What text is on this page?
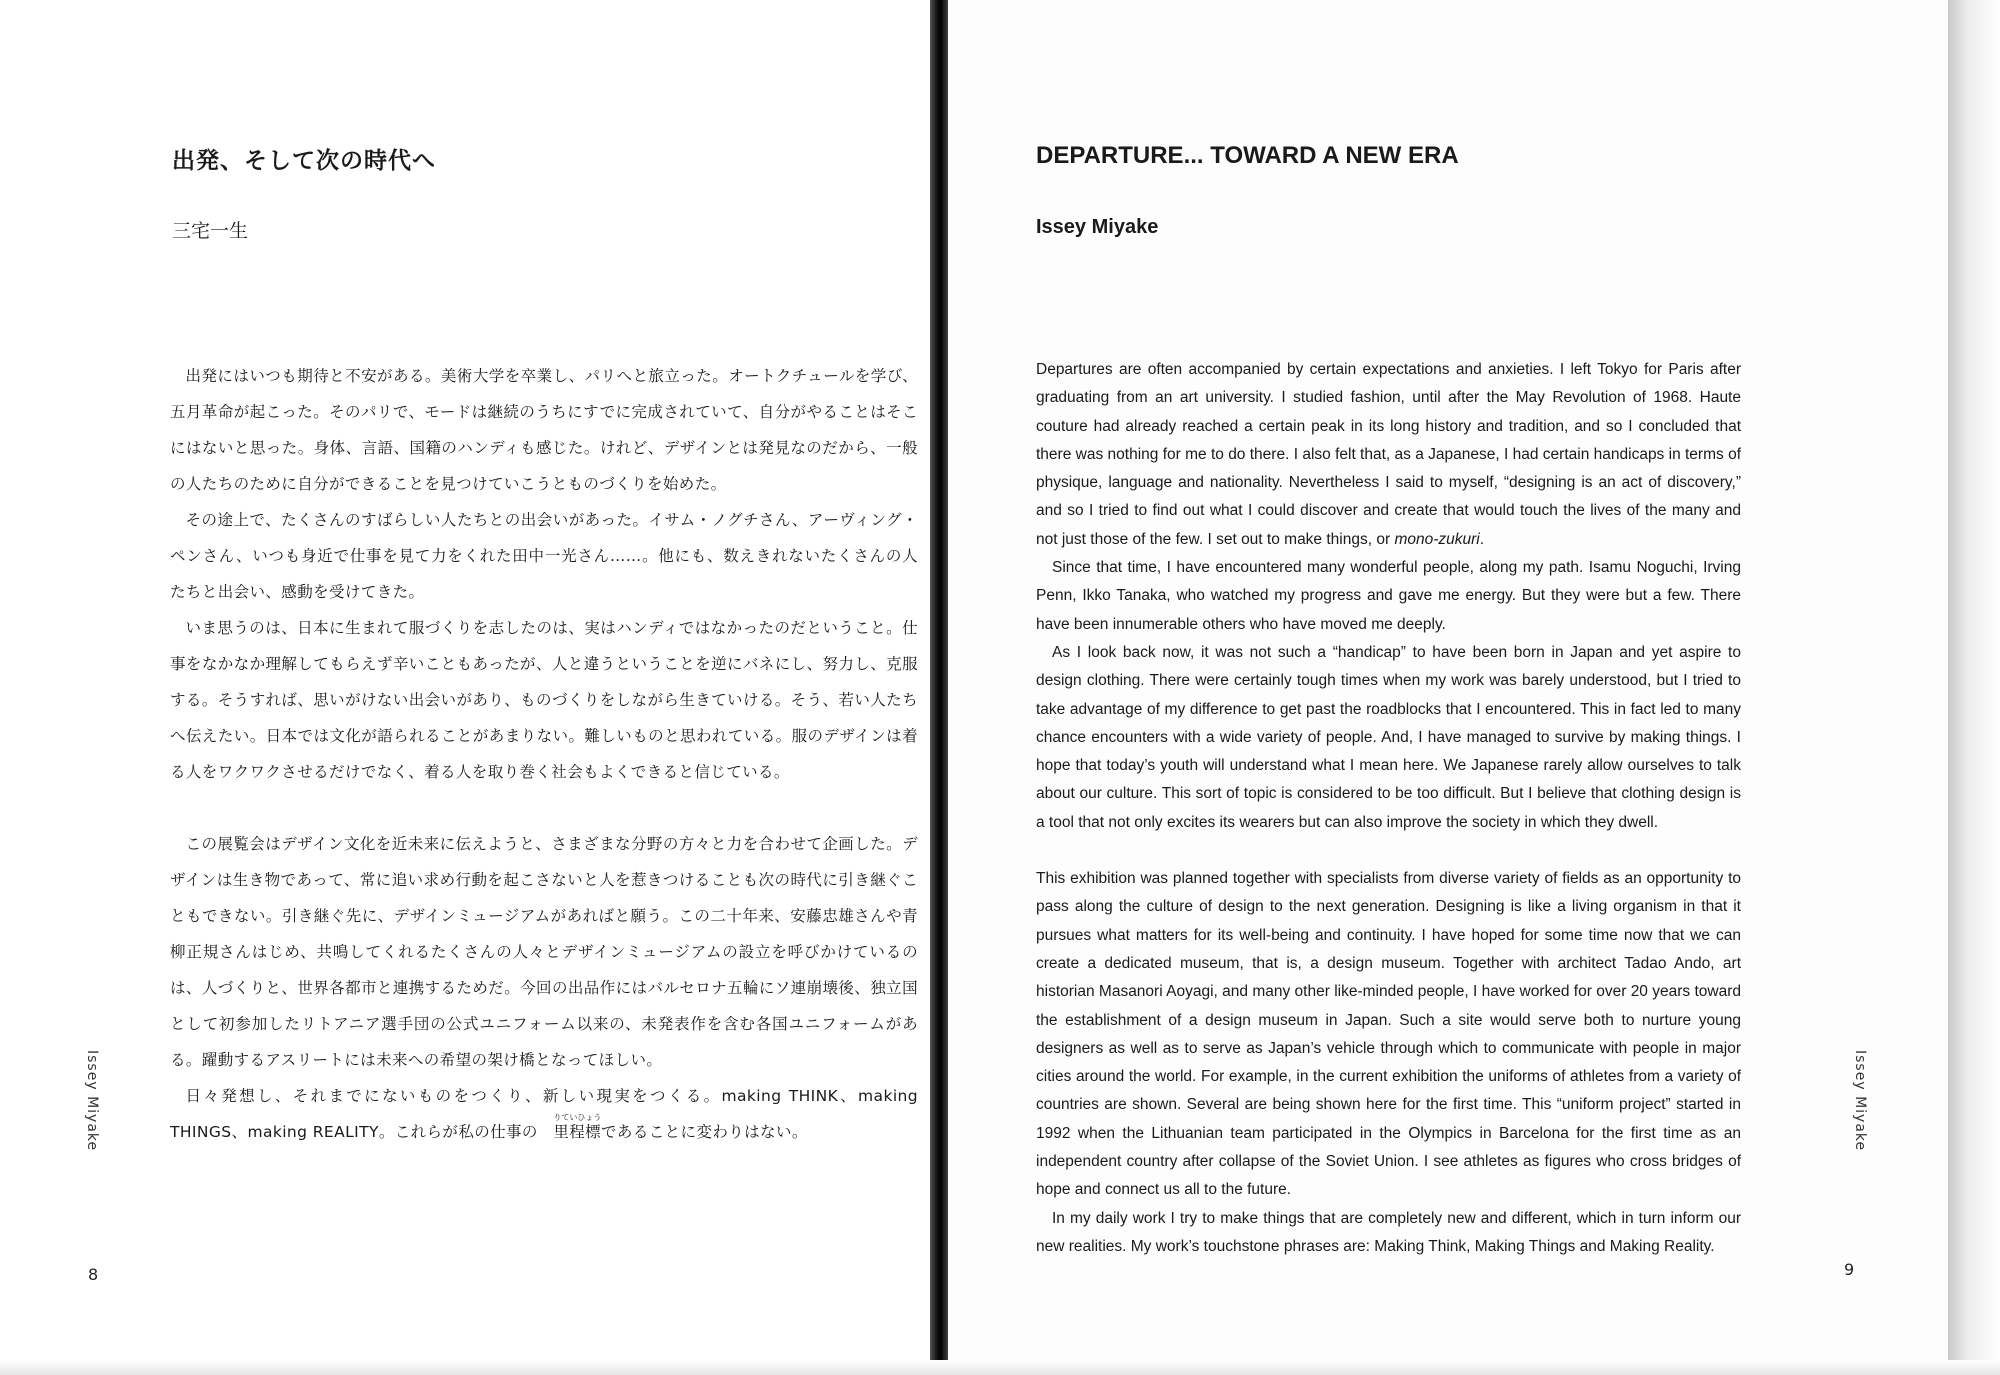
出発、そして次の時代へ
三宅一生

出発にはいつも期待と不安がある。美術大学を卒業し、パリへと旅立った。オートクチュールを学び、五月革命が起こった。そのパリで、モードは継続のうちにすでに完成されていて、自分がやることはそこにはないと思った。身体、言語、国籍のハンディも感じた。けれど、デザインとは発見なのだから、一般の人たちのために自分ができることを見つけていこうとものづくりを始めた。

その途上で、たくさんのすばらしい人たちとの出会いがあった。イサム・ノグチさん、アーヴィング・ペンさん、いつも身近で仕事を見て力をくれた田中一光さん……。他にも、数えきれないたくさんの人たちと出会い、感動を受けてきた。

いま思うのは、日本に生まれて服づくりを志したのは、実はハンディではなかったのだということ。仕事をなかなか理解してもらえず辛いこともあったが、人と違うということを逆にバネにし、努力し、克服する。そうすれば、思いがけない出会いがあり、ものづくりをしながら生きていける。そう、若い人たちへ伝えたい。日本では文化が語られることがあまりない。難しいものと思われている。服のデザインは着る人をワクワクさせるだけでなく、着る人を取り巻く社会もよくできると信じている。

この展覧会はデザイン文化を近未来に伝えようと、さまざまな分野の方々と力を合わせて企画した。デザインは生き物であって、常に追い求め行動を起こさないと人を惹きつけることも次の時代に引き継ぐこともできない。引き継ぐ先に、デザインミュージアムがあればと願う。この二十年来、安藤忠雄さんや青柳正規さんはじめ、共鳴してくれるたくさんの人々とデザインミュージアムの設立を呼びかけているのは、人づくりと、世界各都市と連携するためだ。今回の出品作にはバルセロナ五輪にソ連崩壊後、独立国として初参加したリトアニア選手団の公式ユニフォーム以来の、未発表作を含む各国ユニフォームがある。躍動するアスリートには未来への希望の架け橋となってほしい。

日々発想し、それまでにないものをつくり、新しい現実をつくる。making THINK、making THINGS、making REALITY。これらが私の仕事の
りていひょう
里程標であることに変わりはない。

Issey Miyake
8
DEPARTURE... TOWARD A NEW ERA
Issey Miyake

Departures are often accompanied by certain expectations and anxieties. I left Tokyo for Paris after graduating from an art university. I studied fashion, until after the May Revolution of 1968. Haute couture had already reached a certain peak in its long history and tradition, and so I concluded that there was nothing for me to do there. I also felt that, as a Japanese, I had certain handicaps in terms of physique, language and nationality. Nevertheless I said to myself, “designing is an act of discovery,” and so I tried to find out what I could discover and create that would touch the lives of the many and not just those of the few. I set out to make things, or mono-zukuri.

Since that time, I have encountered many wonderful people, along my path. Isamu Noguchi, Irving Penn, Ikko Tanaka, who watched my progress and gave me energy. But they were but a few. There have been innumerable others who have moved me deeply.

As I look back now, it was not such a “handicap” to have been born in Japan and yet aspire to design clothing. There were certainly tough times when my work was barely understood, but I tried to take advantage of my difference to get past the roadblocks that I encountered. This in fact led to many chance encounters with a wide variety of people. And, I have managed to survive by making things. I hope that today’s youth will understand what I mean here. We Japanese rarely allow ourselves to talk about our culture. This sort of topic is considered to be too difficult. But I believe that clothing design is a tool that not only excites its wearers but can also improve the society in which they dwell.

This exhibition was planned together with specialists from diverse variety of fields as an opportunity to pass along the culture of design to the next generation. Designing is like a living organism in that it pursues what matters for its well-being and continuity. I have hoped for some time now that we can create a dedicated museum, that is, a design museum. Together with architect Tadao Ando, art historian Masanori Aoyagi, and many other like-minded people, I have worked for over 20 years toward the establishment of a design museum in Japan. Such a site would serve both to nurture young designers as well as to serve as Japan’s vehicle through which to communicate with people in major cities around the world. For example, in the current exhibition the uniforms of athletes from a variety of countries are shown. Several are being shown here for the first time. This “uniform project” started in 1992 when the Lithuanian team participated in the Olympics in Barcelona for the first time as an independent country after collapse of the Soviet Union. I see athletes as figures who cross bridges of hope and connect us all to the future.

In my daily work I try to make things that are completely new and different, which in turn inform our new realities. My work’s touchstone phrases are: Making Think, Making Things and Making Reality.

Issey Miyake
9
